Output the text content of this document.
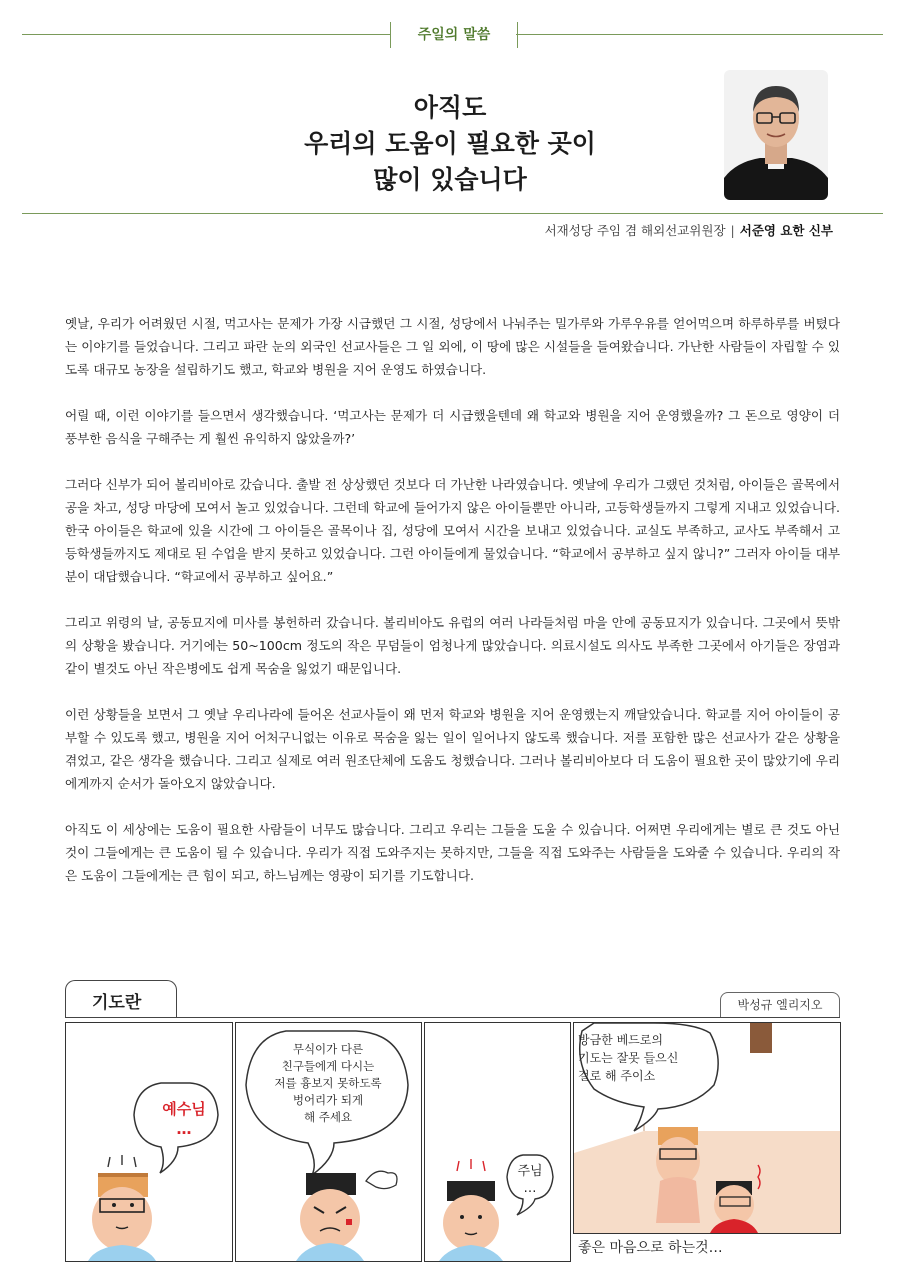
주일의 말씀
아직도
우리의 도움이 필요한 곳이
많이 있습니다
서재성당 주임 겸 해외선교위원장 | 서준영 요한 신부

옛날, 우리가 어려웠던 시절, 먹고사는 문제가 가장 시급했던 그 시절, 성당에서 나눠주는 밀가루와 가루우유를 얻어먹으며 하루하루를 버텼다는 이야기를 들었습니다. 그리고 파란 눈의 외국인 선교사들은 그 일 외에, 이 땅에 많은 시설들을 들여왔습니다. 가난한 사람들이 자립할 수 있도록 대규모 농장을 설립하기도 했고, 학교와 병원을 지어 운영도 하였습니다.

어릴 때, 이런 이야기를 들으면서 생각했습니다. ‘먹고사는 문제가 더 시급했을텐데 왜 학교와 병원을 지어 운영했을까? 그 돈으로 영양이 더 풍부한 음식을 구해주는 게 훨씬 유익하지 않았을까?’

그러다 신부가 되어 볼리비아로 갔습니다. 출발 전 상상했던 것보다 더 가난한 나라였습니다. 옛날에 우리가 그랬던 것처럼, 아이들은 골목에서 공을 차고, 성당 마당에 모여서 놀고 있었습니다. 그런데 학교에 들어가지 않은 아이들뿐만 아니라, 고등학생들까지 그렇게 지내고 있었습니다. 한국 아이들은 학교에 있을 시간에 그 아이들은 골목이나 집, 성당에 모여서 시간을 보내고 있었습니다. 교실도 부족하고, 교사도 부족해서 고등학생들까지도 제대로 된 수업을 받지 못하고 있었습니다. 그런 아이들에게 물었습니다. “학교에서 공부하고 싶지 않니?” 그러자 아이들 대부분이 대답했습니다. “학교에서 공부하고 싶어요.”

그리고 위령의 날, 공동묘지에 미사를 봉헌하러 갔습니다. 볼리비아도 유럽의 여러 나라들처럼 마을 안에 공동묘지가 있습니다. 그곳에서 뜻밖의 상황을 봤습니다. 거기에는 50~100cm 정도의 작은 무덤들이 엄청나게 많았습니다. 의료시설도 의사도 부족한 그곳에서 아기들은 장염과 같이 별것도 아닌 작은병에도 쉽게 목숨을 잃었기 때문입니다.

이런 상황들을 보면서 그 옛날 우리나라에 들어온 선교사들이 왜 먼저 학교와 병원을 지어 운영했는지 깨달았습니다. 학교를 지어 아이들이 공부할 수 있도록 했고, 병원을 지어 어처구니없는 이유로 목숨을 잃는 일이 일어나지 않도록 했습니다. 저를 포함한 많은 선교사가 같은 상황을 겪었고, 같은 생각을 했습니다. 그리고 실제로 여러 원조단체에 도움도 청했습니다. 그러나 볼리비아보다 더 도움이 필요한 곳이 많았기에 우리에게까지 순서가 돌아오지 않았습니다.

아직도 이 세상에는 도움이 필요한 사람들이 너무도 많습니다. 그리고 우리는 그들을 도울 수 있습니다. 어쩌면 우리에게는 별로 큰 것도 아닌 것이 그들에게는 큰 도움이 될 수 있습니다. 우리가 직접 도와주지는 못하지만, 그들을 직접 도와주는 사람들을 도와줄 수 있습니다. 우리의 작은 도움이 그들에게는 큰 힘이 되고, 하느님께는 영광이 되기를 기도합니다.

기도란	박성규 엘리지오
예수님
…
무식이가 다른
친구들에게 다시는
저를 흉보지 못하도록
벙어리가 되게
해 주세요
주님
…
방금한 베드로의
기도는 잘못 들으신
걸로 해 주이소
좋은 마음으로 하는것…
